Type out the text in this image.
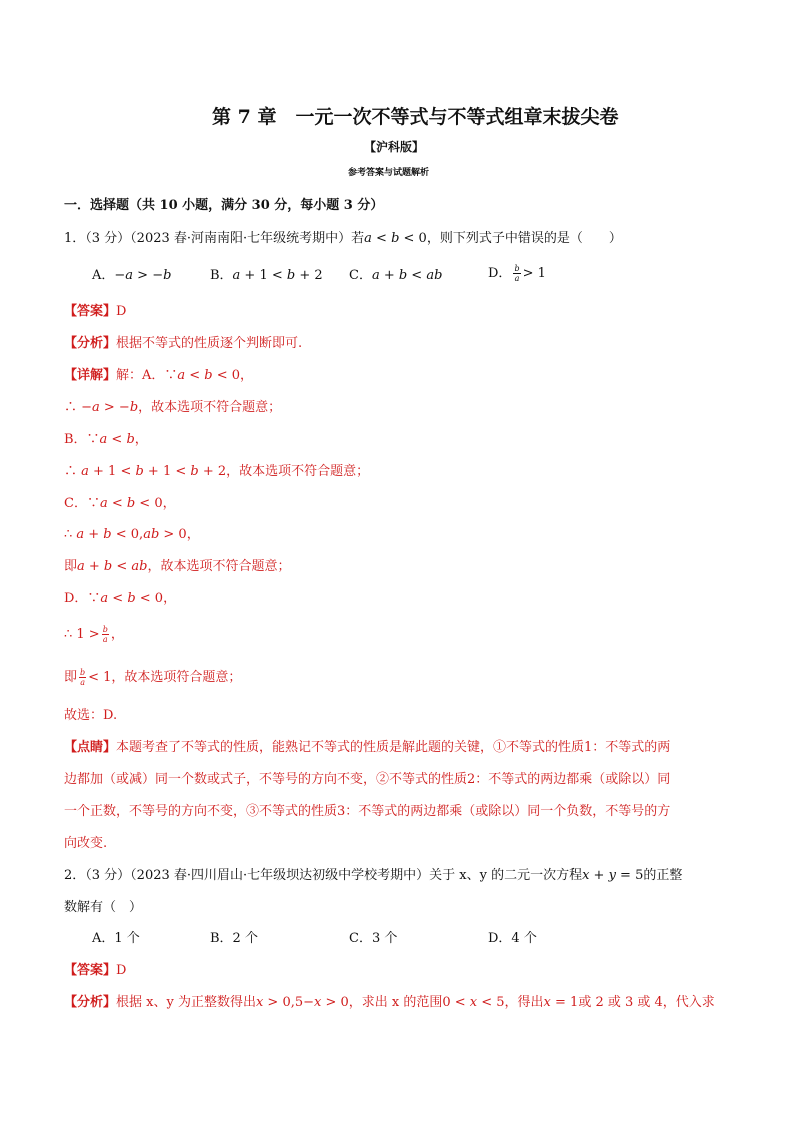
第 7 章　一元一次不等式与不等式组章末拔尖卷
【沪科版】
参考答案与试题解析
一．选择题（共 10 小题，满分 30 分，每小题 3 分）
1．（3 分）（2023 春·河南南阳·七年级统考期中）若𝑎 < 𝑏 < 0，则下列式子中错误的是（　　）
A．−𝑎 > −𝑏	B．𝑎 + 1 < 𝑏 + 2 C．𝑎 + 𝑏 < 𝑎𝑏	D． $\frac{\text{𝑏}}{\text{𝑎}} > 1$
【答案】D
【分析】根据不等式的性质逐个判断即可.
【详解】解：A．∵𝑎 < 𝑏 < 0，
∴ −𝑎 > −𝑏，故本选项不符合题意；
B．∵𝑎 < 𝑏，
∴ 𝑎 + 1 < 𝑏 + 1 < 𝑏 + 2，故本选项不符合题意；
C．∵𝑎 < 𝑏 < 0，
∴ 𝑎 + 𝑏 < 0,𝑎𝑏 > 0，
即𝑎 + 𝑏 < 𝑎𝑏，故本选项不符合题意；
D．∵𝑎 < 𝑏 < 0，
∴ $1 > \frac{\text{𝑏}}{\text{𝑎}}$ ，
即 $\frac{\text{𝑏}}{\text{𝑎}} < 1$，故本选项符合题意；
故选：D.
【点睛】本题考查了不等式的性质，能熟记不等式的性质是解此题的关键，①不等式的性质1：不等式的两
边都加（或减）同一个数或式子，不等号的方向不变，②不等式的性质2：不等式的两边都乘（或除以）同
一个正数，不等号的方向不变，③不等式的性质3：不等式的两边都乘（或除以）同一个负数，不等号的方
向改变.
2．（3 分）（2023 春·四川眉山·七年级坝达初级中学校考期中）关于 x、y 的二元一次方程𝑥 + 𝑦 = 5的正整
数解有（　）
A．1 个	B．2 个	C．3 个	D．4 个
【答案】D
【分析】根据 x、y 为正整数得出𝑥 > 0,5−𝑥 > 0，求出 x 的范围0 < 𝑥 < 5，得出𝑥 = 1或 2 或 3 或 4，代入求
